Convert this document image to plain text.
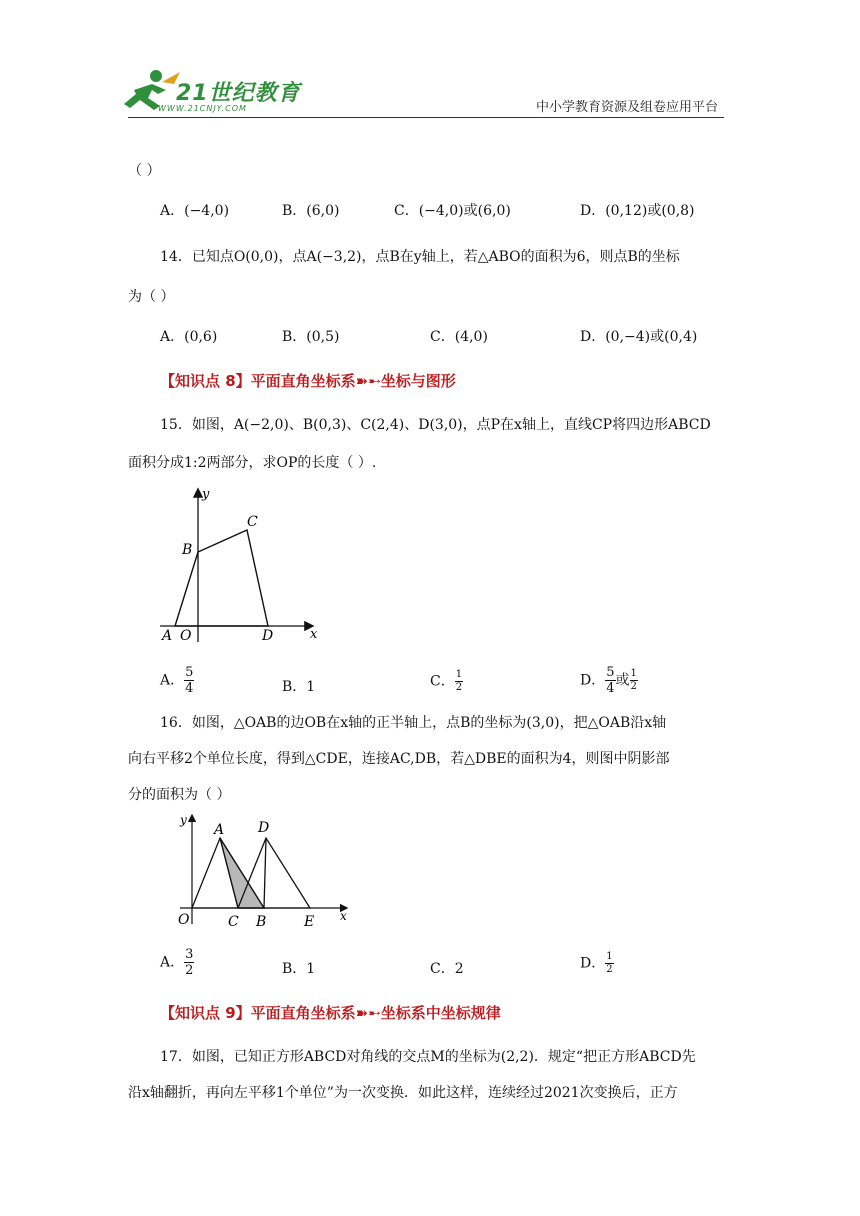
21世纪教育
WWW.21CNJY.COM	中小学教育资源及组卷应用平台
（ ）
A．(−4,0)	B．(6,0)	C．(−4,0)或(6,0)	D．(0,12)或(0,8)
14．已知点O(0,0)，点A(−3,2)，点B在y轴上，若△ABO的面积为6，则点B的坐标
为（ ）
A．(0,6)	B．(0,5)	C．(4,0)	D．(0,−4)或(0,4)
【知识点 8】平面直角坐标系➽➸坐标与图形
15．如图，A(−2,0)、B(0,3)、C(2,4)、D(3,0)，点P在x轴上，直线CP将四边形ABCD
面积分成1:2两部分，求OP的长度（ ）.
y
x
A O
B
C
D
A． $\frac{5}{4}$	B．1	C． $\frac{1}{2}$	D． $\frac{5}{4}$ 或 $\frac{1}{2}$
16．如图，△OAB的边OB在x轴的正半轴上，点B的坐标为(3,0)，把△OAB沿x轴
向右平移2个单位长度，得到△CDE，连接AC,DB，若△DBE的面积为4，则图中阴影部
分的面积为（ ）
y
x
O
A
C B
D
E
A． $\frac{3}{2}$	B．1	C．2	D． $\frac{1}{2}$
【知识点 9】平面直角坐标系➽➸坐标系中坐标规律
17．如图，已知正方形ABCD对角线的交点M的坐标为(2,2)．规定“把正方形ABCD先
沿x轴翻折，再向左平移1个单位”为一次变换．如此这样，连续经过2021次变换后，正方
